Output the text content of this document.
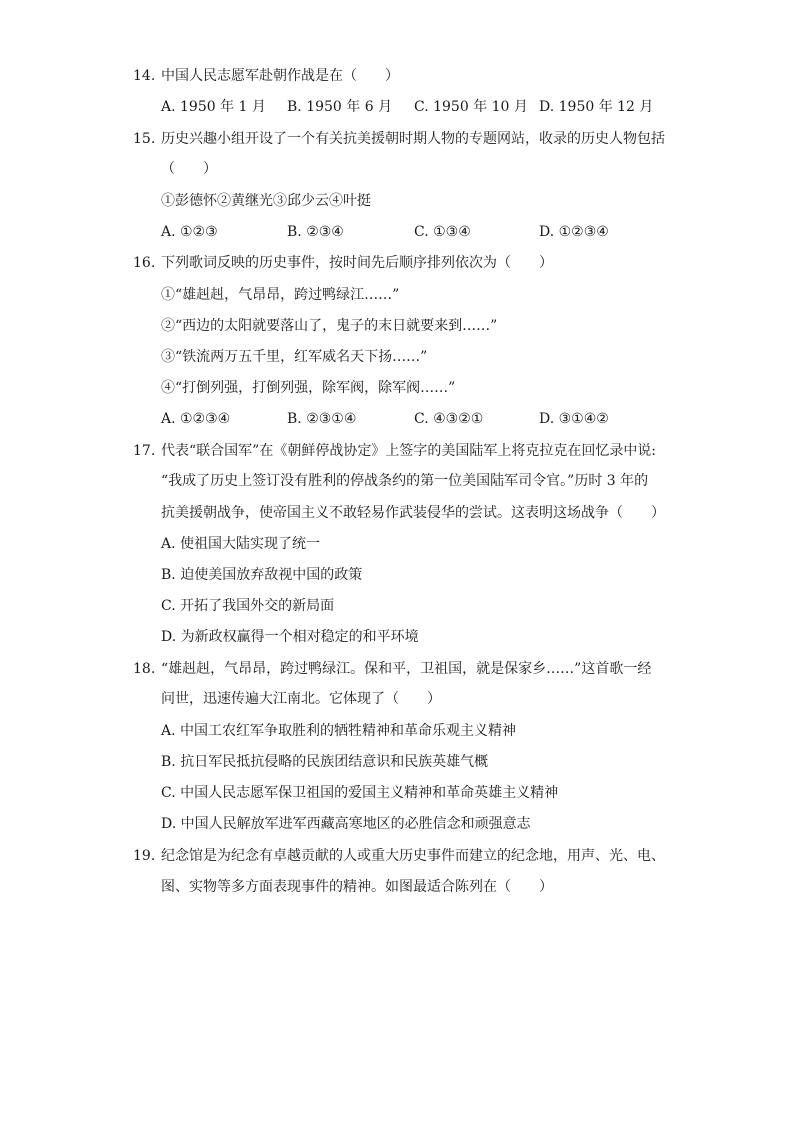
14. 中国人民志愿军赴朝作战是在（　　）
A. 1950 年 1 月 B. 1950 年 6 月 C. 1950 年 10 月 D. 1950 年 12 月
15. 历史兴趣小组开设了一个有关抗美援朝时期人物的专题网站，收录的历史人物包括
（　　）
①彭德怀②黄继光③邱少云④叶挺
A. ①②③	B. ②③④	C. ①③④	D. ①②③④
16. 下列歌词反映的历史事件，按时间先后顺序排列依次为（　　）
①“雄赳赳，气昂昂，跨过鸭绿江……”
②“西边的太阳就要落山了，鬼子的末日就要来到……”
③“铁流两万五千里，红军威名天下扬……”
④“打倒列强，打倒列强，除军阀，除军阀……”
A. ①②③④	B. ②③①④	C. ④③②①	D. ③①④②
17. 代表“联合国军”在《朝鲜停战协定》上签字的美国陆军上将克拉克在回忆录中说:
“我成了历史上签订没有胜利的停战条约的第一位美国陆军司令官。”历时 3 年的
抗美援朝战争，使帝国主义不敢轻易作武装侵华的尝试。这表明这场战争（　　）
A. 使祖国大陆实现了统一
B. 迫使美国放弃敌视中国的政策
C. 开拓了我国外交的新局面
D. 为新政权赢得一个相对稳定的和平环境
18. “雄赳赳，气昂昂，跨过鸭绿江。保和平，卫祖国，就是保家乡……”这首歌一经
问世，迅速传遍大江南北。它体现了（　　）
A. 中国工农红军争取胜利的牺牲精神和革命乐观主义精神
B. 抗日军民抵抗侵略的民族团结意识和民族英雄气概
C. 中国人民志愿军保卫祖国的爱国主义精神和革命英雄主义精神
D. 中国人民解放军进军西藏高寒地区的必胜信念和顽强意志
19. 纪念馆是为纪念有卓越贡献的人或重大历史事件而建立的纪念地，用声、光、电、
图、实物等多方面表现事件的精神。如图最适合陈列在（　　）
